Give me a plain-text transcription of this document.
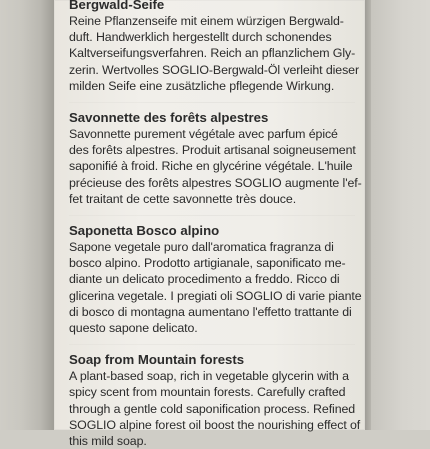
Bergwald-Seife
Reine Pflanzenseife mit einem würzigen Bergwald-
duft. Handwerklich hergestellt durch schonendes
Kaltverseifungsverfahren. Reich an pflanzlichem Gly-
zerin. Wertvolles SOGLIO-Bergwald-Öl verleiht dieser
milden Seife eine zusätzliche pflegende Wirkung.
Savonnette des forêts alpestres
Savonnette purement végétale avec parfum épicé
des forêts alpestres. Produit artisanal soigneusement
saponifié à froid. Riche en glycérine végétale. L'huile
précieuse des forêts alpestres SOGLIO augmente l'ef-
fet traitant de cette savonnette très douce.
Saponetta Bosco alpino
Sapone vegetale puro dall'aromatica fragranza di
bosco alpino. Prodotto artigianale, saponificato me-
diante un delicato procedimento a freddo. Ricco di
glicerina vegetale. I pregiati oli SOGLIO di varie piante
di bosco di montagna aumentano l'effetto trattante di
questo sapone delicato.
Soap from Mountain forests
A plant-based soap, rich in vegetable glycerin with a
spicy scent from mountain forests. Carefully crafted
through a gentle cold saponification process. Refined
SOGLIO alpine forest oil boost the nourishing effect of
this mild soap.
